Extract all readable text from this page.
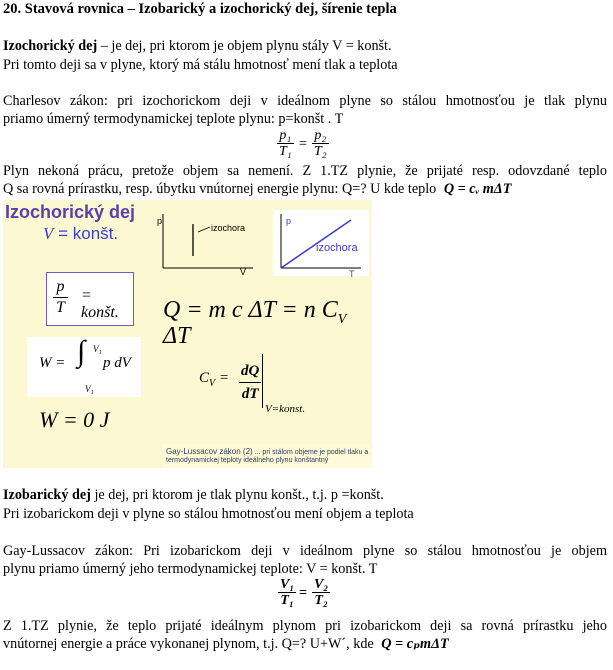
20. Stavová rovnica – Izobarický a izochorický dej, šírenie tepla
Izochorický dej – je dej, pri ktorom je objem plynu stály V = konšt.
Pri tomto deji sa v plyne, ktorý má stálu hmotnosť mení tlak a teplota
Charlesov zákon: pri izochorickom deji v ideálnom plyne so stálou hmotnosťou je tlak plynu
priamo úmerný termodynamickej teplote plynu: p=konšt . T
$\frac{\text{p₁}}{\text{T₁}} = \frac{\text{p₂}}{\text{T₂}}$
Plyn nekoná prácu, pretože objem sa nemení. Z 1.TZ plynie, že prijaté resp. odovzdané teplo
Q sa rovná prírastku, resp. úbytku vnútornej energie plynu: Q=? U kde teplo Q = cᵥ mΔT
Izochorický dej
V = konšt.
p
V
izochora
p
T
izochora
$\frac{p}{T}$ = konšt.	Q = m c ΔT = n $C_V$ ΔT
W = ∫ V₁
V₁
p dV
$C_V = \frac{dQ}{dT}$
V=konst.
W = 0 J
Gay-Lussacov zákon (2) ... pri stálom objeme je podiel tlaku a
termodynamickej teploty ideálneho plynu konštantný
Izobarický dej je dej, pri ktorom je tlak plynu konšt., t.j. p =konšt.
Pri izobarickom deji v plyne so stálou hmotnosťou mení objem a teplota
Gay-Lussacov zákon: Pri izobarickom deji v ideálnom plyne so stálou hmotnosťou je objem
plynu priamo úmerný jeho termodynamickej teplote: V = konšt. T
$\frac{\text{V₁}}{\text{T₁}} = \frac{\text{V₂}}{\text{T₂}}$
Z 1.TZ plynie, že teplo prijaté ideálnym plynom pri izobarickom deji sa rovná prírastku jeho
vnútornej energie a práce vykonanej plynom, t.j. Q=? U+W´, kde Q = cₚmΔT
